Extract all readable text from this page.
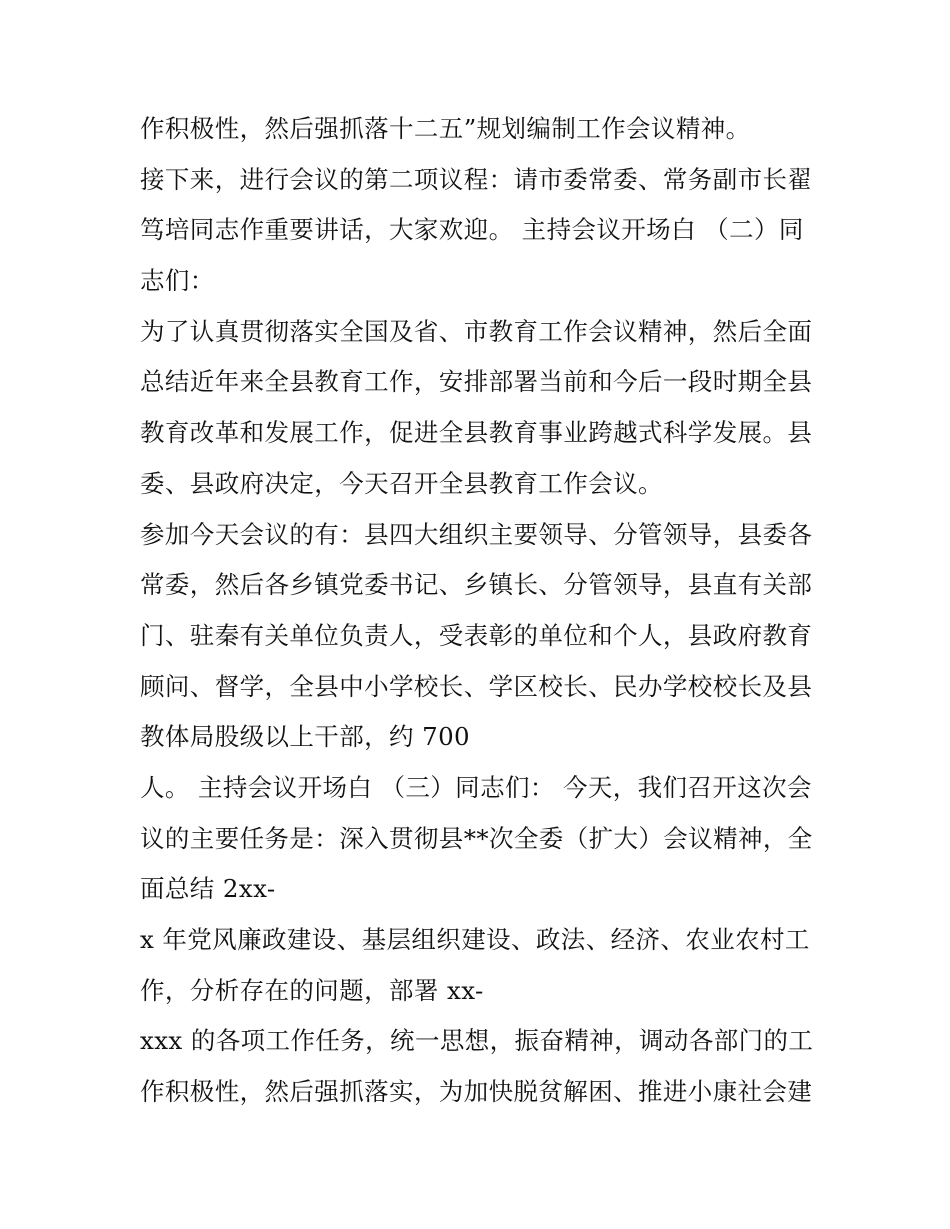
作积极性，然后强抓落十二五”规划编制工作会议精神。
接下来，进行会议的第二项议程：请市委常委、常务副市长翟
笃培同志作重要讲话，大家欢迎。 主持会议开场白 （二）同
志们：
为了认真贯彻落实全国及省、市教育工作会议精神，然后全面
总结近年来全县教育工作，安排部署当前和今后一段时期全县
教育改革和发展工作，促进全县教育事业跨越式科学发展。县
委、县政府决定，今天召开全县教育工作会议。
参加今天会议的有：县四大组织主要领导、分管领导，县委各
常委，然后各乡镇党委书记、乡镇长、分管领导，县直有关部
门、驻秦有关单位负责人，受表彰的单位和个人，县政府教育
顾问、督学，全县中小学校长、学区校长、民办学校校长及县
教体局股级以上干部，约 700
人。 主持会议开场白 （三）同志们： 今天，我们召开这次会
议的主要任务是：深入贯彻县**次全委（扩大）会议精神，全
面总结 2xx-
x 年党风廉政建设、基层组织建设、政法、经济、农业农村工
作，分析存在的问题，部署 xx-
xxx 的各项工作任务，统一思想，振奋精神，调动各部门的工
作积极性，然后强抓落实，为加快脱贫解困、推进小康社会建
